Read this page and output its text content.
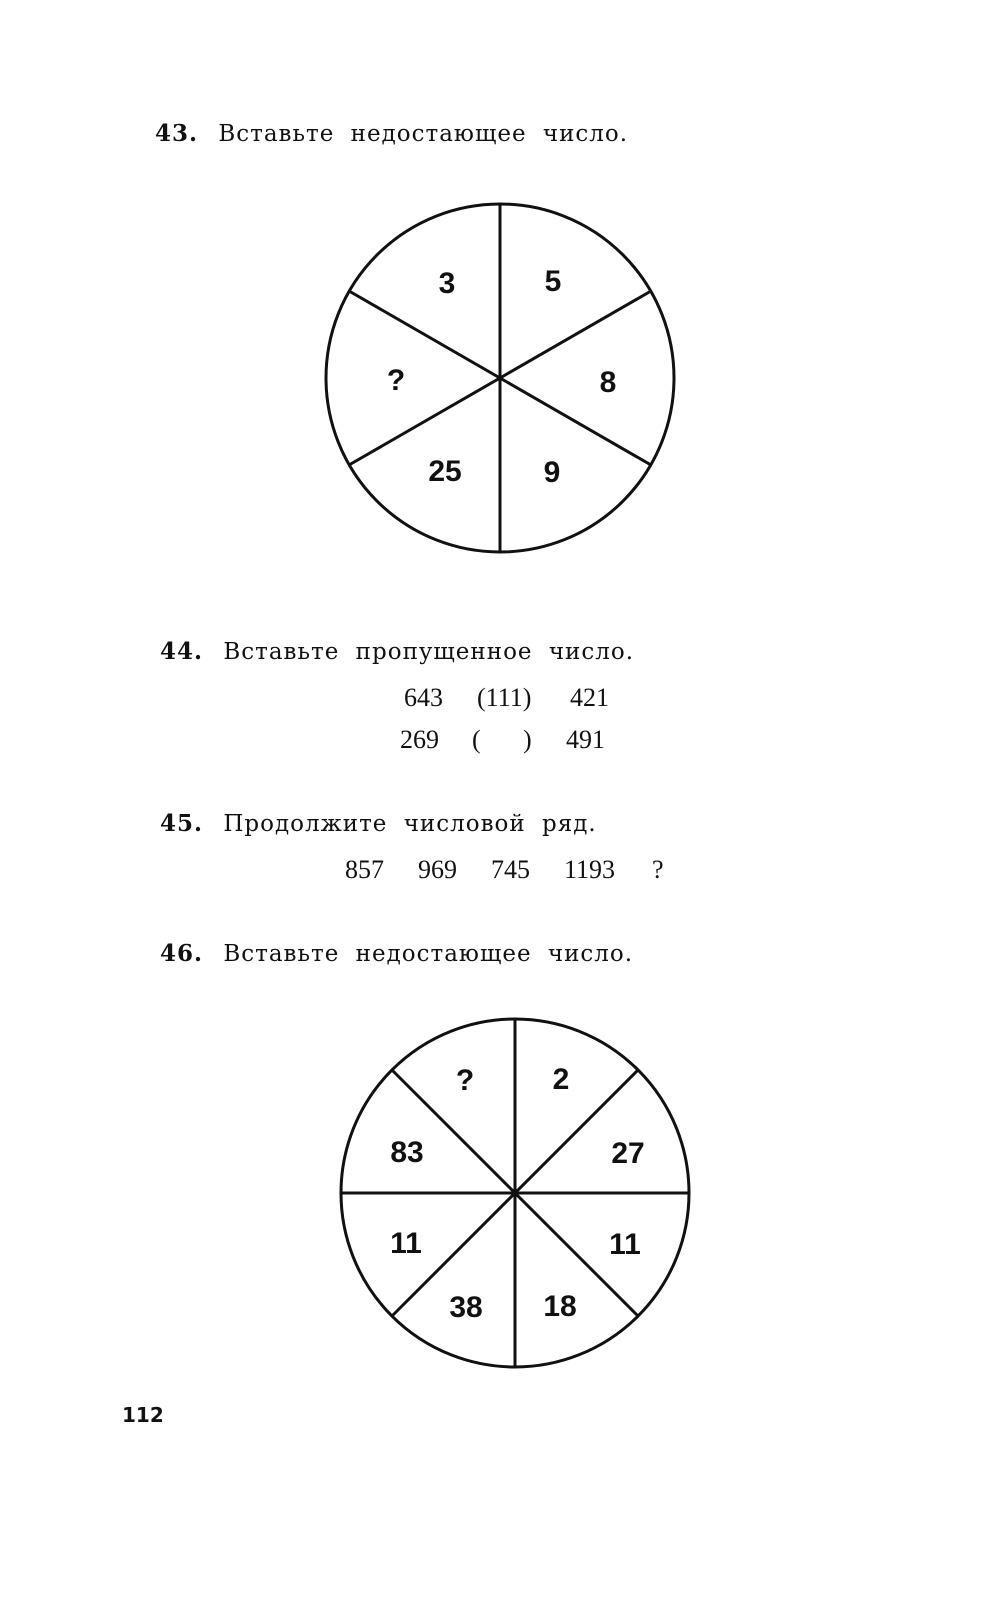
43. Вставьте недостающее число.
3	5
8
9
25
?
44. Вставьте пропущенное число.
643 (111) 421
269 ( ) 491
45. Продолжите числовой ряд.
857 969 745 1193 ?
46. Вставьте недостающее число.
?	2
27
11
18
38
11
83
112
